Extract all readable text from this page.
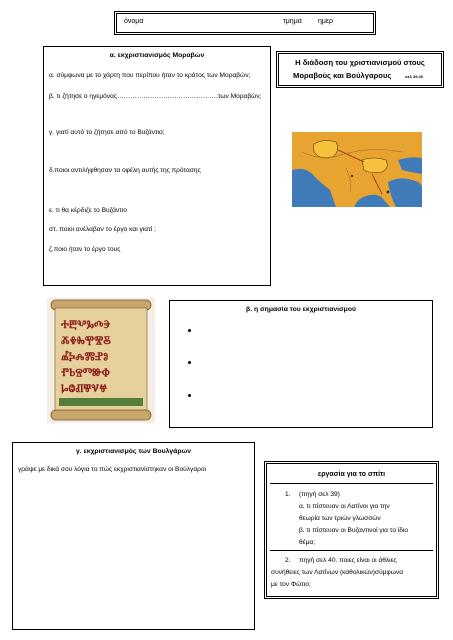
όνομα	τμημα ημερ
α. εκχριστιανισμός Μοραβών
α. σύμφωνα με το χάρτη που περίπου ήταν το κράτος των Μοραβών;
β. τι ζήτησε ο ηγεμόνας……………………………………….των Μοραβών;
γ. γιατί αυτό το ζήτησε από το Βυζάντιο;
δ.ποιοι αντιλήφθησαν τα οφέλη αυτής της πρότασης
ε. τι θα κέρδιζε το Βυζάντιο
στ. ποιοι ανέλαβαν το έργο και γιατί ;
ζ.ποιο ήταν το έργο τους
Η διάδοση του χριστιανισμού στους
Μοραβούς και Βούλγαρους	σελ 39,40
ⰀⰁⰂⰃⰄⰅ
ⰆⰇⰈⰉⰊⰋ
ⰌⰍⰎⰏⰐⰑ
ⰒⰓⰔⰕⰖⰗ
ⰘⰙⰚⰛⰜⰝ
β. η σημασία του εκχριστιανισμού
γ. εκχριστιανισμός των Βουλγάρων
γράψε με δικά σου λόγια το πώς εκχριστιανίστηκαν οι Βούλγαροι
εργασία για το σπίτι
1. (πηγή σελ 39)
α. τι πίστευαν οι Λατίνοι για την
θεωρία των τριών γλωσσών
β. τι πίστευαν οι Βυζαντινοί για το ίδιο
θέμα;
2. πηγή σελ 40. ποιες είναι οι άθλιες
συνήθειες των Λατίνων (καθολικών)σύμφωνα
με τον Φώτιο;
